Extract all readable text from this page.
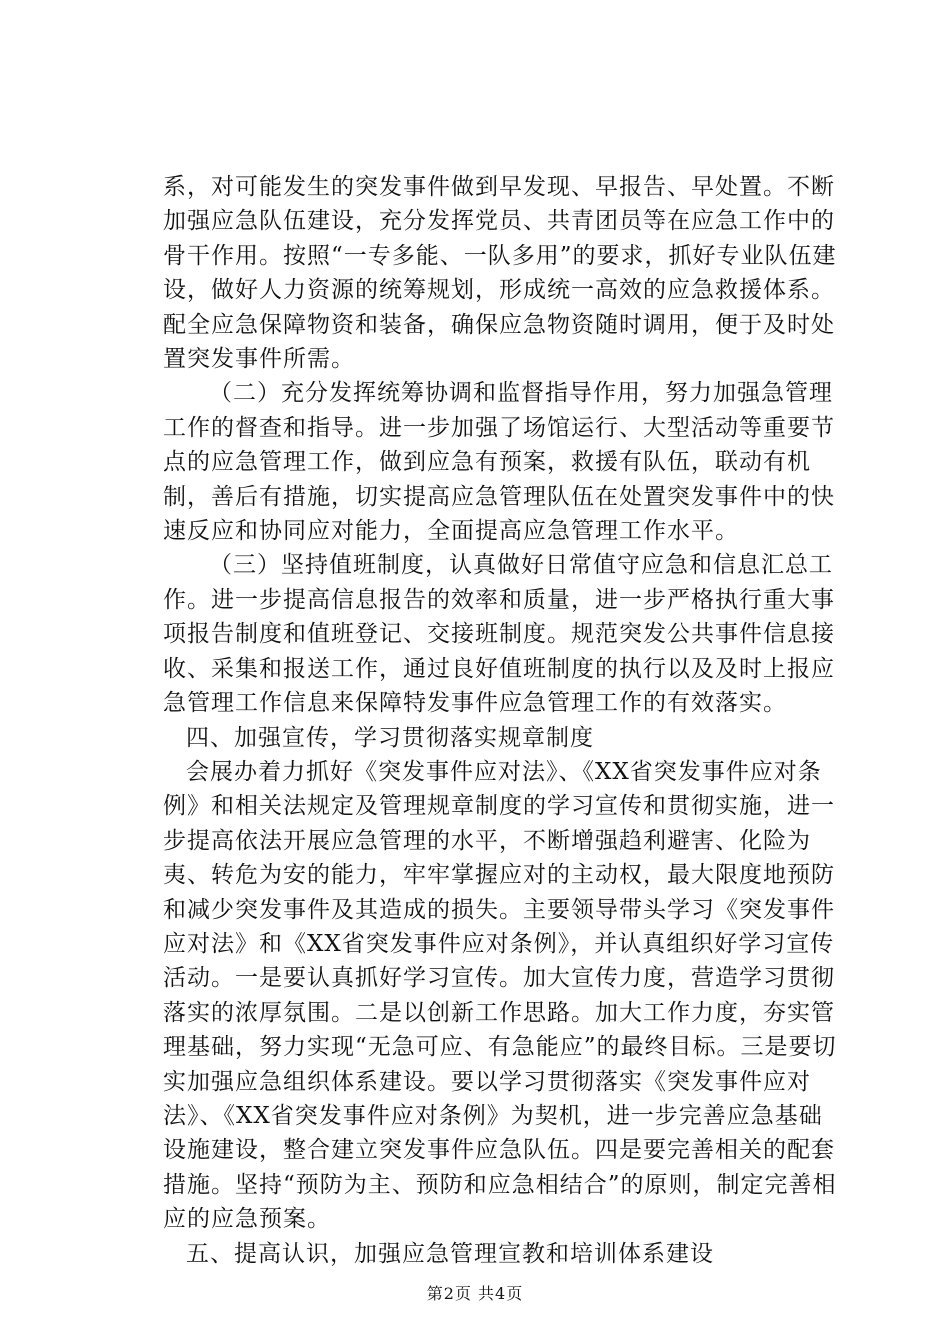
系，对可能发生的突发事件做到早发现、早报告、早处置。不断加强应急队伍建设，充分发挥党员、共青团员等在应急工作中的骨干作用。按照“一专多能、一队多用”的要求，抓好专业队伍建设，做好人力资源的统筹规划，形成统一高效的应急救援体系。配全应急保障物资和装备，确保应急物资随时调用，便于及时处置突发事件所需。

（二）充分发挥统筹协调和监督指导作用，努力加强急管理工作的督查和指导。进一步加强了场馆运行、大型活动等重要节点的应急管理工作，做到应急有预案，救援有队伍，联动有机制，善后有措施，切实提高应急管理队伍在处置突发事件中的快速反应和协同应对能力，全面提高应急管理工作水平。

（三）坚持值班制度，认真做好日常值守应急和信息汇总工作。进一步提高信息报告的效率和质量，进一步严格执行重大事项报告制度和值班登记、交接班制度。规范突发公共事件信息接收、采集和报送工作，通过良好值班制度的执行以及及时上报应急管理工作信息来保障特发事件应急管理工作的有效落实。

四、加强宣传，学习贯彻落实规章制度

会展办着力抓好《突发事件应对法》、《XX省突发事件应对条例》和相关法规定及管理规章制度的学习宣传和贯彻实施，进一步提高依法开展应急管理的水平，不断增强趋利避害、化险为夷、转危为安的能力，牢牢掌握应对的主动权，最大限度地预防和减少突发事件及其造成的损失。主要领导带头学习《突发事件应对法》和《XX省突发事件应对条例》，并认真组织好学习宣传活动。一是要认真抓好学习宣传。加大宣传力度，营造学习贯彻落实的浓厚氛围。二是以创新工作思路。加大工作力度，夯实管理基础，努力实现“无急可应、有急能应”的最终目标。三是要切实加强应急组织体系建设。要以学习贯彻落实《突发事件应对法》、《XX省突发事件应对条例》为契机，进一步完善应急基础设施建设，整合建立突发事件应急队伍。四是要完善相关的配套措施。坚持“预防为主、预防和应急相结合”的原则，制定完善相应的应急预案。

五、提高认识，加强应急管理宣教和培训体系建设

第2页 共4页
